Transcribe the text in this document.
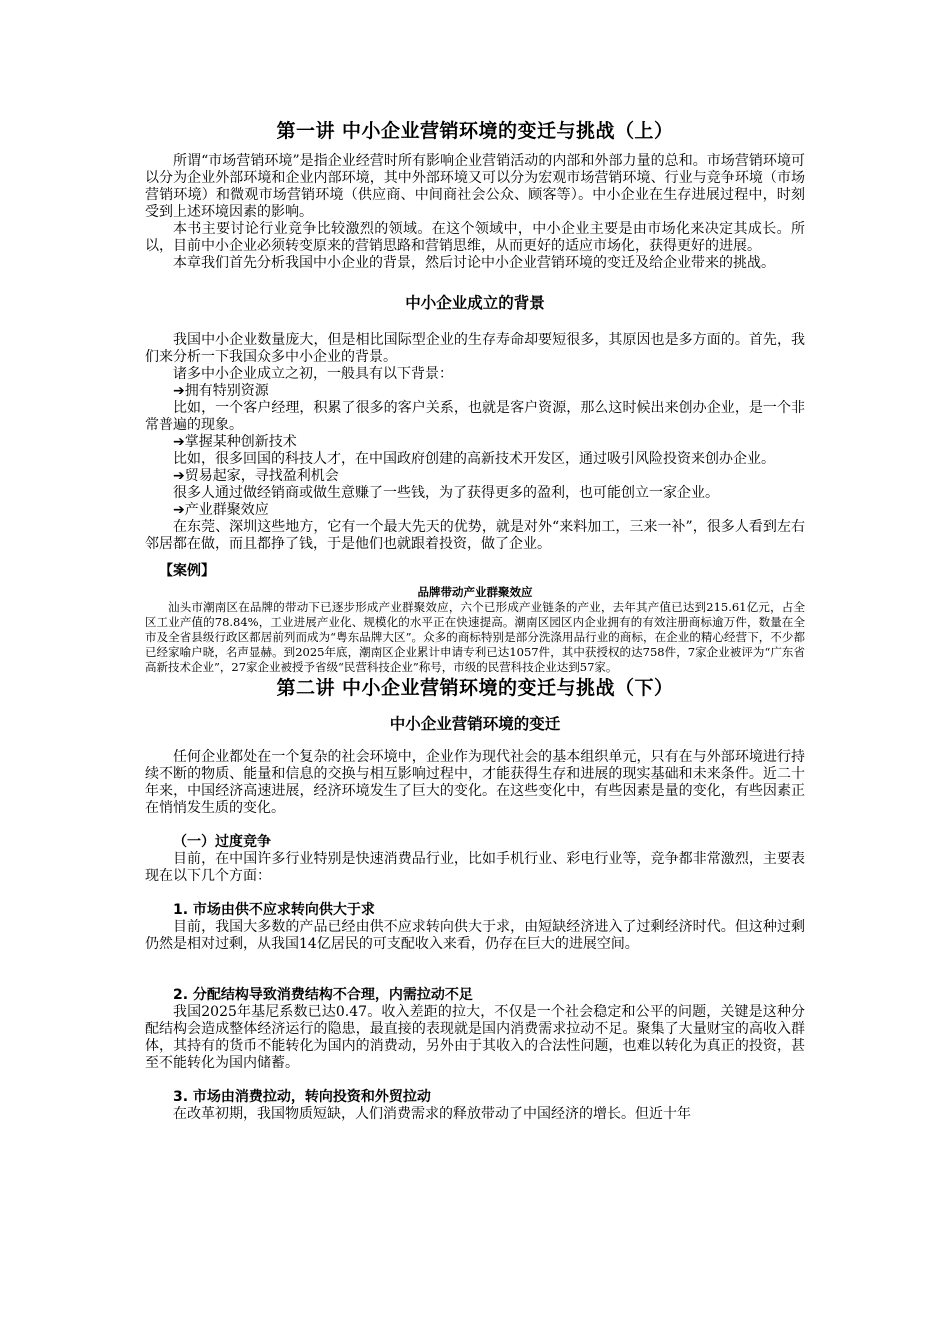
第一讲 中小企业营销环境的变迁与挑战（上）

所谓“市场营销环境”是指企业经营时所有影响企业营销活动的内部和外部力量的总和。市场营销环境可以分为企业外部环境和企业内部环境，其中外部环境又可以分为宏观市场营销环境、行业与竞争环境（市场营销环境）和微观市场营销环境（供应商、中间商社会公众、顾客等）。中小企业在生存进展过程中，时刻受到上述环境因素的影响。

本书主要讨论行业竞争比较激烈的领域。在这个领域中，中小企业主要是由市场化来决定其成长。所以，目前中小企业必须转变原来的营销思路和营销思维，从而更好的适应市场化，获得更好的进展。

本章我们首先分析我国中小企业的背景，然后讨论中小企业营销环境的变迁及给企业带来的挑战。

中小企业成立的背景

我国中小企业数量庞大，但是相比国际型企业的生存寿命却要短很多，其原因也是多方面的。首先，我们来分析一下我国众多中小企业的背景。

诸多中小企业成立之初，一般具有以下背景：

➔拥有特别资源

比如，一个客户经理，积累了很多的客户关系，也就是客户资源，那么这时候出来创办企业，是一个非常普遍的现象。

➔掌握某种创新技术

比如，很多回国的科技人才，在中国政府创建的高新技术开发区，通过吸引风险投资来创办企业。

➔贸易起家，寻找盈利机会

很多人通过做经销商或做生意赚了一些钱，为了获得更多的盈利，也可能创立一家企业。

➔产业群聚效应

在东莞、深圳这些地方，它有一个最大先天的优势，就是对外“来料加工，三来一补”，很多人看到左右邻居都在做，而且都挣了钱，于是他们也就跟着投资，做了企业。

【案例】
品牌带动产业群聚效应

汕头市潮南区在品牌的带动下已逐步形成产业群聚效应，六个已形成产业链条的产业，去年其产值已达到215.61亿元，占全区工业产值的78.84%，工业进展产业化、规模化的水平正在快速提高。潮南区园区内企业拥有的有效注册商标逾万件，数量在全市及全省县级行政区都居前列而成为“粤东品牌大区”。众多的商标特别是部分洗涤用品行业的商标，在企业的精心经营下，不少都已经家喻户晓，名声显赫。到2025年底，潮南区企业累计申请专利已达1057件，其中获授权的达758件，7家企业被评为“广东省高新技术企业”，27家企业被授予省级“民营科技企业”称号，市级的民营科技企业达到57家。

第二讲 中小企业营销环境的变迁与挑战（下）
中小企业营销环境的变迁

任何企业都处在一个复杂的社会环境中，企业作为现代社会的基本组织单元，只有在与外部环境进行持续不断的物质、能量和信息的交换与相互影响过程中，才能获得生存和进展的现实基础和未来条件。近二十年来，中国经济高速进展，经济环境发生了巨大的变化。在这些变化中，有些因素是量的变化，有些因素正在悄悄发生质的变化。

（一）过度竞争

目前，在中国许多行业特别是快速消费品行业，比如手机行业、彩电行业等，竞争都非常激烈，主要表现在以下几个方面：

1. 市场由供不应求转向供大于求

目前，我国大多数的产品已经由供不应求转向供大于求，由短缺经济进入了过剩经济时代。但这种过剩仍然是相对过剩，从我国14亿居民的可支配收入来看，仍存在巨大的进展空间。

2. 分配结构导致消费结构不合理，内需拉动不足

我国2025年基尼系数已达0.47。收入差距的拉大，不仅是一个社会稳定和公平的问题，关键是这种分配结构会造成整体经济运行的隐患，最直接的表现就是国内消费需求拉动不足。聚集了大量财宝的高收入群体，其持有的货币不能转化为国内的消费动，另外由于其收入的合法性问题，也难以转化为真正的投资，甚至不能转化为国内储蓄。

3. 市场由消费拉动，转向投资和外贸拉动

在改革初期，我国物质短缺，人们消费需求的释放带动了中国经济的增长。但近十年
